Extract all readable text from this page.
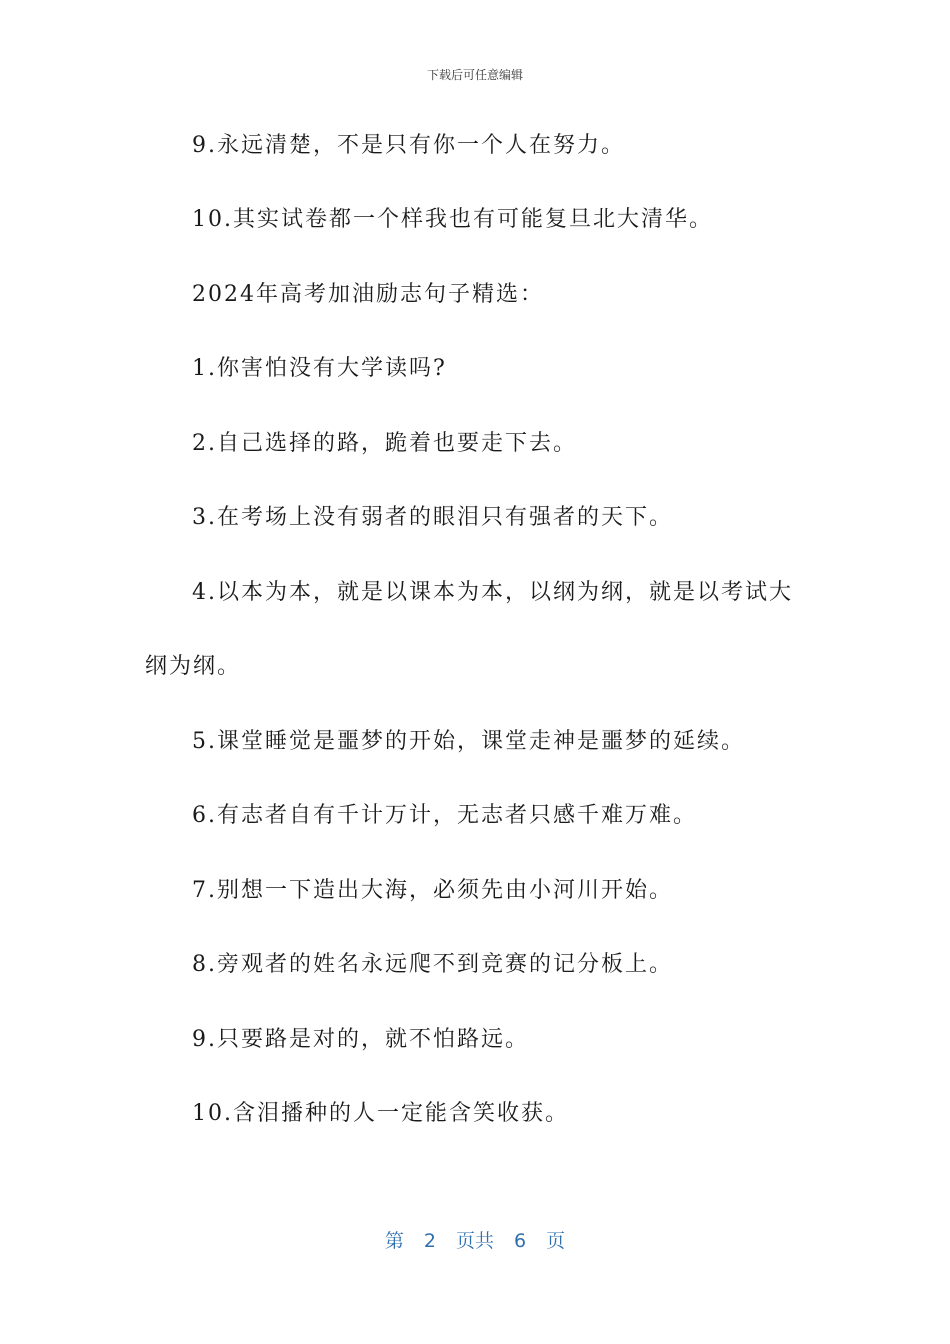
下载后可任意编辑
9.永远清楚，不是只有你一个人在努力。
10.其实试卷都一个样我也有可能复旦北大清华。
2024年高考加油励志句子精选：
1.你害怕没有大学读吗?
2.自己选择的路，跪着也要走下去。
3.在考场上没有弱者的眼泪只有强者的天下。
4.以本为本，就是以课本为本，以纲为纲，就是以考试大
纲为纲。
5.课堂睡觉是噩梦的开始，课堂走神是噩梦的延续。
6.有志者自有千计万计，无志者只感千难万难。
7.别想一下造出大海，必须先由小河川开始。
8.旁观者的姓名永远爬不到竞赛的记分板上。
9.只要路是对的，就不怕路远。
10.含泪播种的人一定能含笑收获。
第 2 页共 6 页
